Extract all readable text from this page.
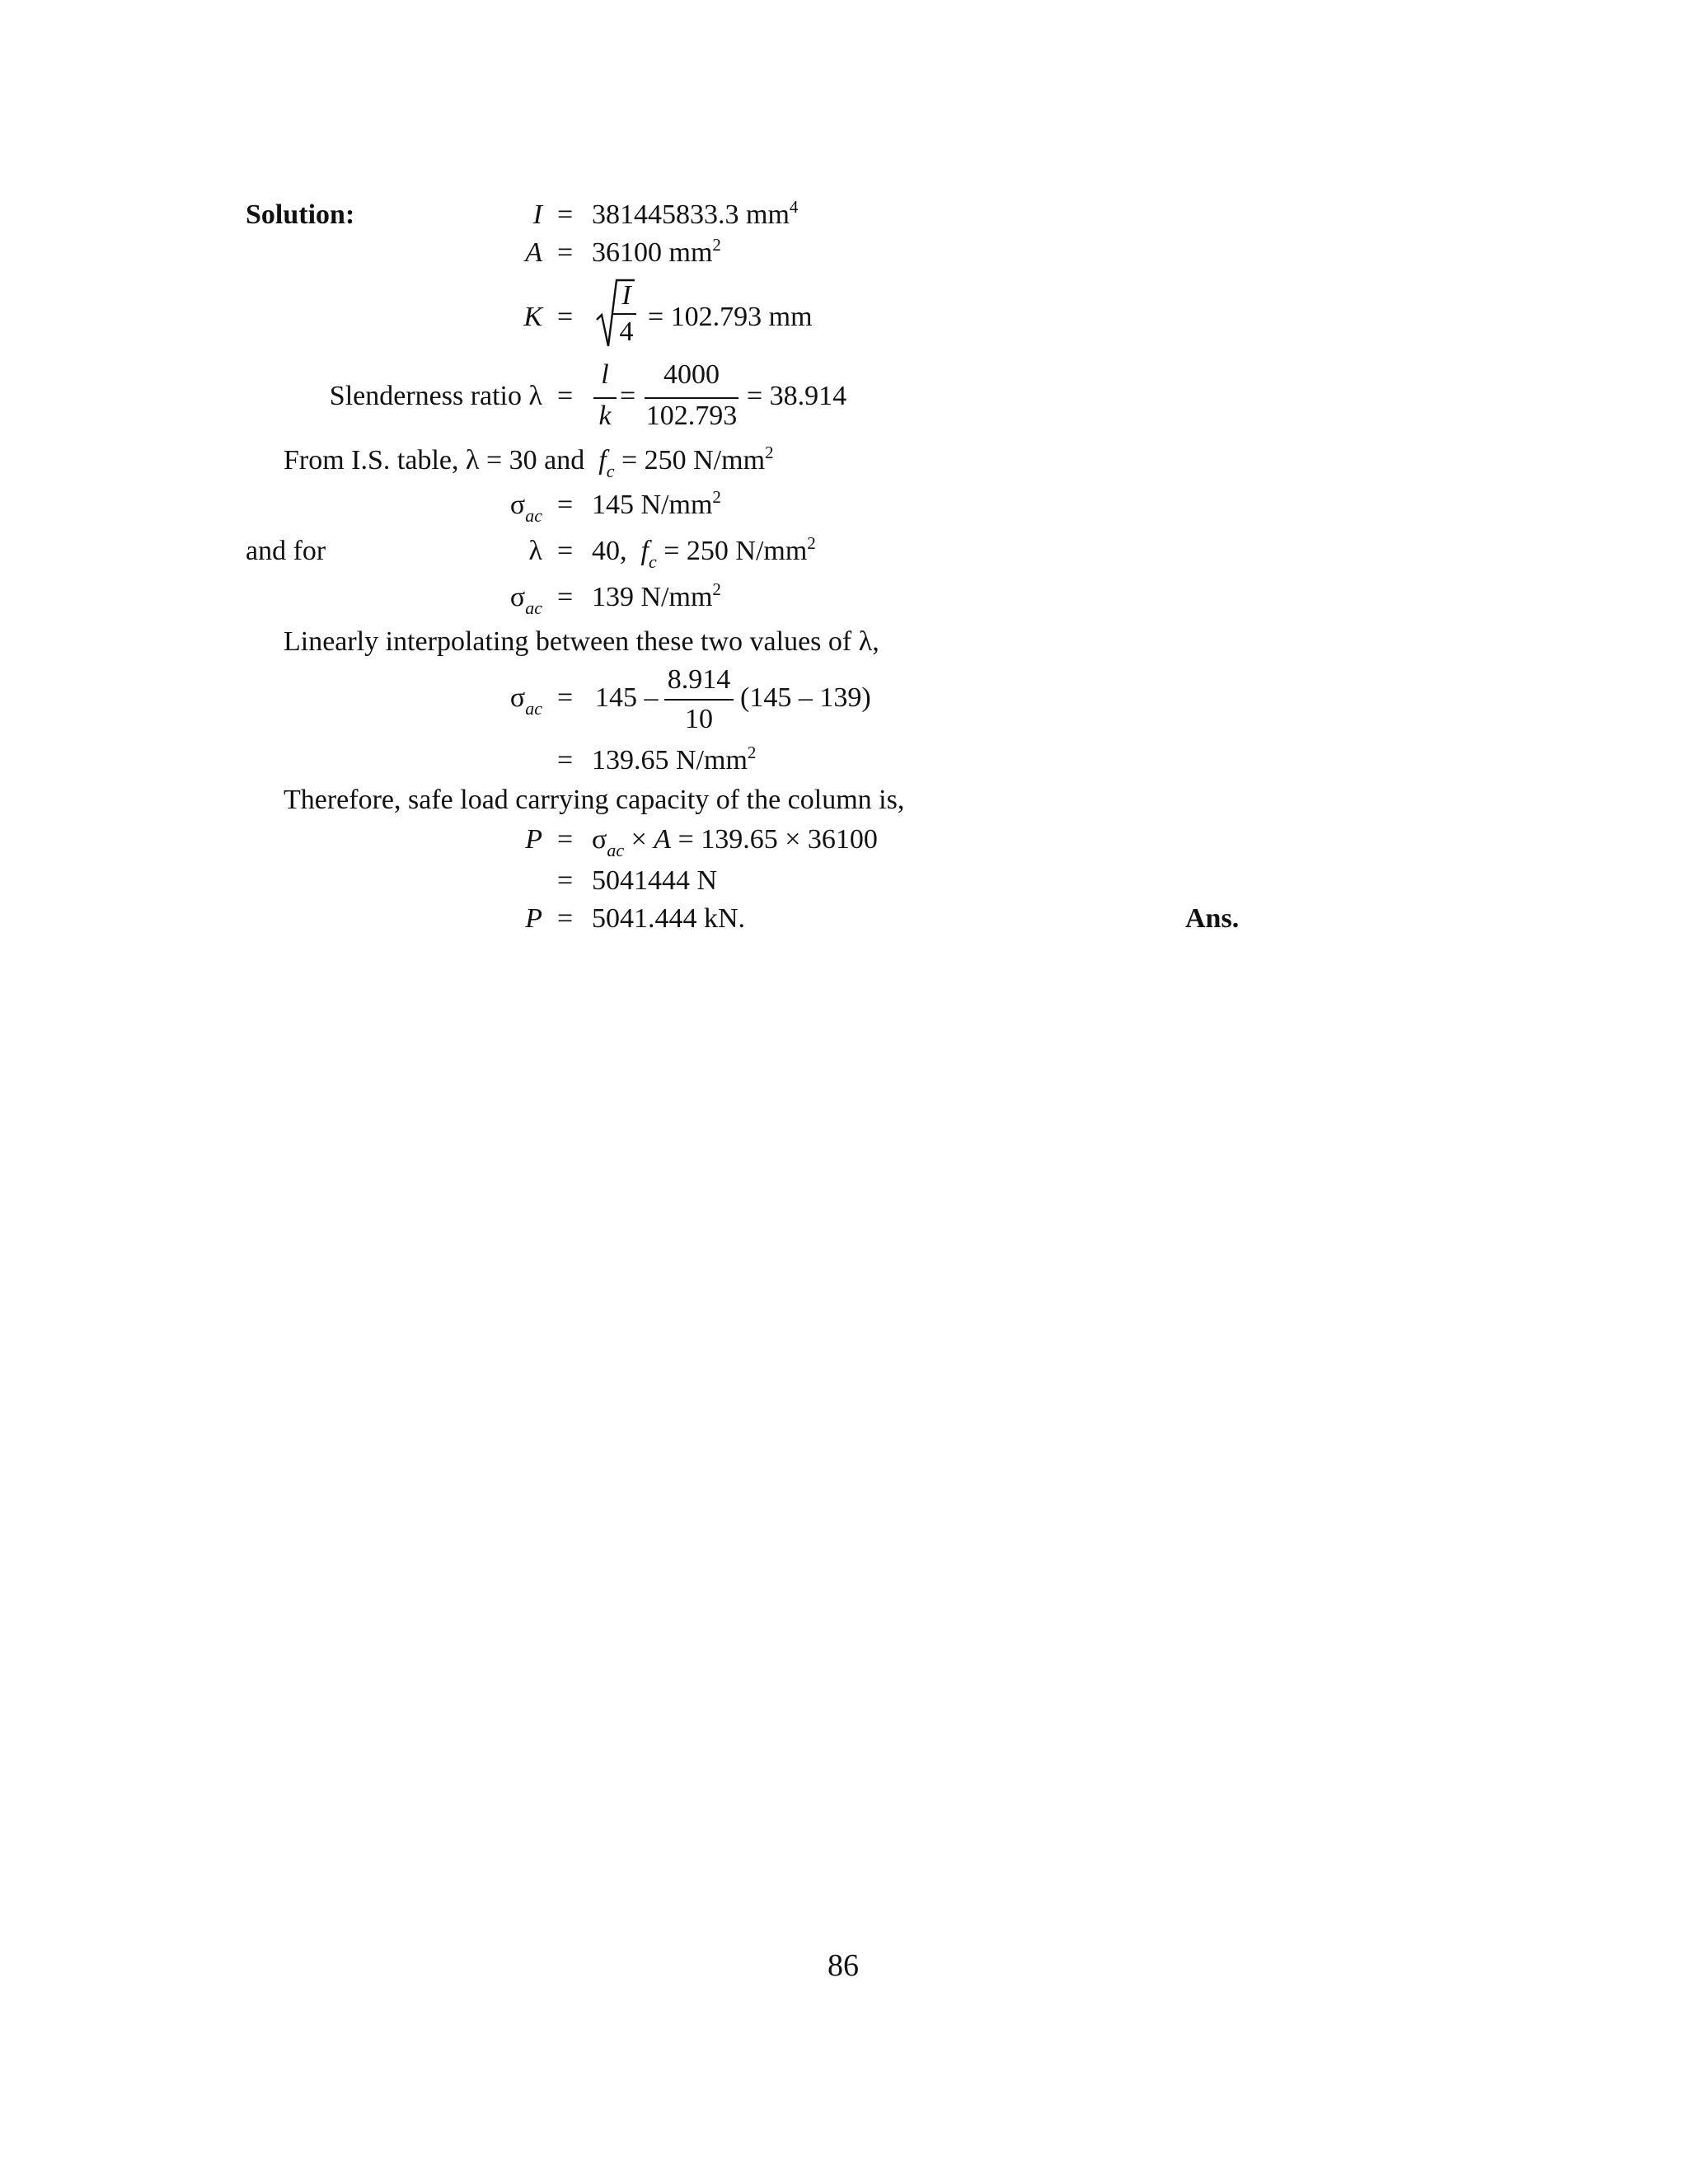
Solution:	I = 381445833.3 $mm^4$
A = 36100 $mm^2$
K =
I
4 = 102.793 mm
Slenderness ratio λ =
l
k
=
4000
102.793
= 38.914
From I.S. table, λ = 30 and $f_c = 250$ $N/mm^2$
$\sigma_{ac} = 145$ $N/mm^2$
and for	λ = 40, $f_c = 250$ $N/mm^2$
$\sigma_{ac} = 139$ $N/mm^2$
Linearly interpolating between these two values of λ,
$\sigma_{ac} = 145$ –
8.914
10
(145 – 139)
= 139.65 $N/mm^2$
Therefore, safe load carrying capacity of the column is,
$P = \sigma_{ac} \times A = 139.65 \times 36100$
= 5041444 N
P = 5041.444 kN.	Ans.
86
